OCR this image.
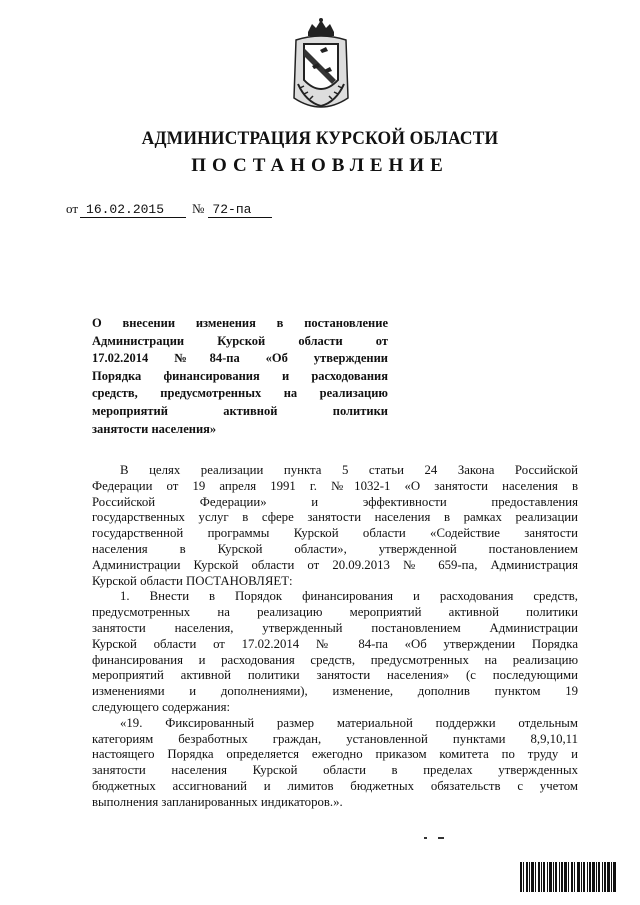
АДМИНИСТРАЦИЯ КУРСКОЙ ОБЛАСТИ
ПОСТАНОВЛЕНИЕ
от 16.02.2015 № 72-па
О внесении изменения в постановление
Администрации Курской области от
17.02.2014 №84-па «Об утверждении
Порядка финансирования и расходования
средств, предусмотренных на реализацию
мероприятий активной политики
занятости населения»
В целях реализации пункта 5 статьи 24 Закона Российской
Федерации от 19 апреля 1991 г. №1032-1 «О занятости населения в
Российской Федерации» и эффективности предоставления
государственных услуг в сфере занятости населения в рамках реализации
государственной программы Курской области «Содействие занятости
населения в Курской области», утвержденной постановлением
Администрации Курской области от 20.09.2013 № 659-па, Администрация
Курской области ПОСТАНОВЛЯЕТ:
1. Внести в Порядок финансирования и расходования средств,
предусмотренных на реализацию мероприятий активной политики
занятости населения, утвержденный постановлением Администрации
Курской области от 17.02.2014 № 84-па «Об утверждении Порядка
финансирования и расходования средств, предусмотренных на реализацию
мероприятий активной политики занятости населения» (с последующими
изменениями и дополнениями), изменение, дополнив пунктом 19
следующего содержания:
«19. Фиксированный размер материальной поддержки отдельным
категориям безработных граждан, установленной пунктами 8,9,10,11
настоящего Порядка определяется ежегодно приказом комитета по труду и
занятости населения Курской области в пределах утвержденных
бюджетных ассигнований и лимитов бюджетных обязательств с учетом
выполнения запланированных индикаторов.».
